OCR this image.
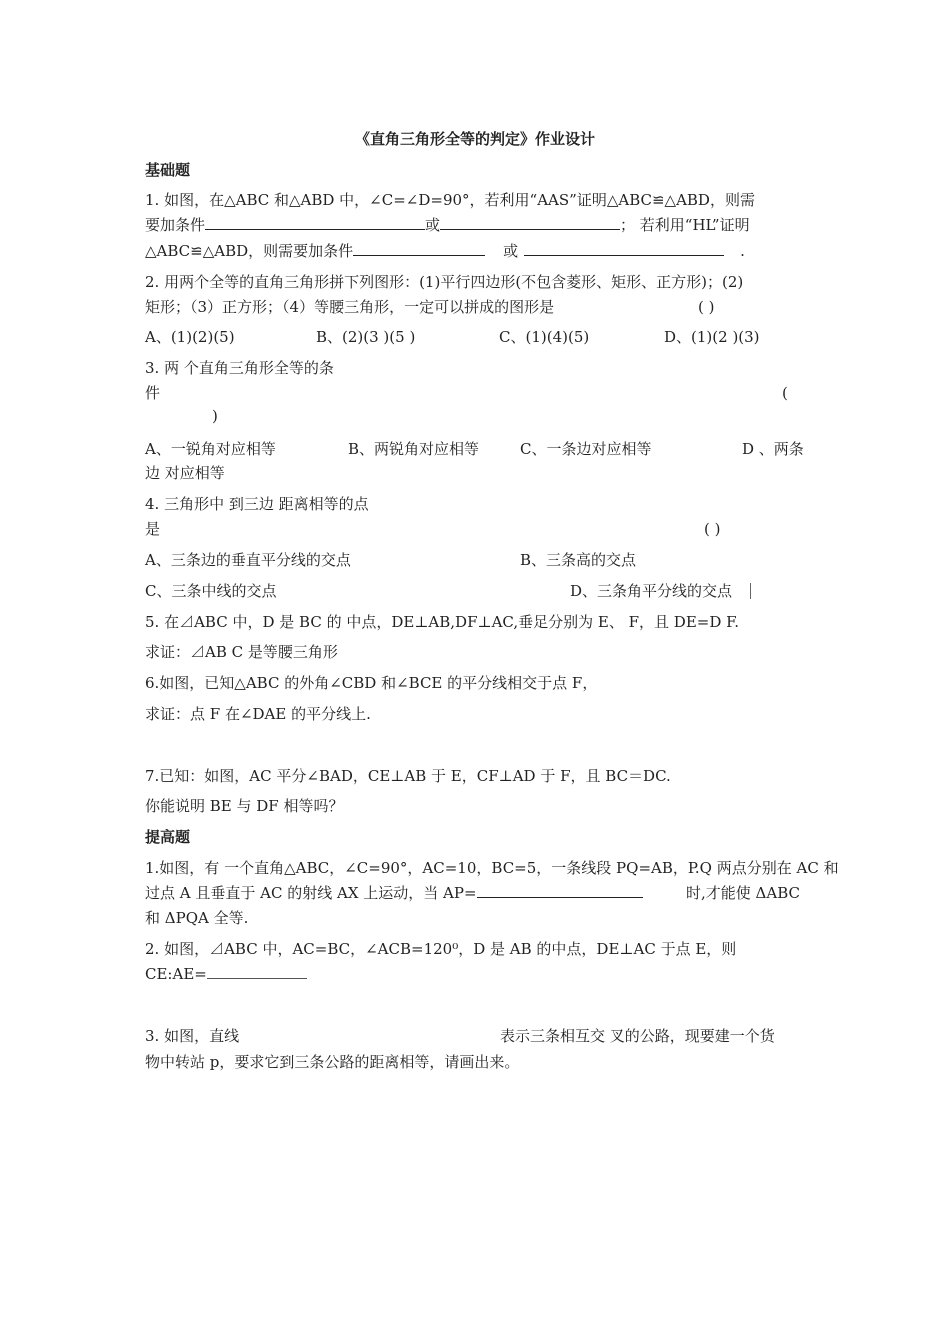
《直角三角形全等的判定》作业设计
基础题
1. 如图，在△ABC 和△ABD 中，∠C=∠D=90°，若利用“AAS”证明△ABC≌△ABD，则需
要加条件	或	； 若利用“HL”证明
△ABC≌△ABD，则需要加条件	或	.
2. 用两个全等的直角三角形拼下列图形：(1)平行四边形(不包含菱形、矩形、正方形)；(2)
矩形；（3）正方形；（4）等腰三角形，一定可以拼成的图形是	( )
A、(1)(2)(5)	B、(2)(3 )(5 )	C、(1)(4)(5)	D、(1)(2 )(3)
3. 两 个直角三角形全等的条
件	(
)
A、一锐角对应相等	B、两锐角对应相等	C、一条边对应相等	D 、两条
边 对应相等
4. 三角形中 到三边 距离相等的点
是	( )
A、三条边的垂直平分线的交点	B、三条高的交点
C、三条中线的交点	D、三条角平分线的交点
5. 在⊿ABC 中，D 是 BC 的 中点，DE⊥AB,DF⊥AC,垂足分别为 E、 F，且 DE=D F.
求证：⊿AB C 是等腰三角形
6.如图，已知△ABC 的外角∠CBD 和∠BCE 的平分线相交于点 F，
求证：点 F 在∠DAE 的平分线上.
7.已知：如图，AC 平分∠BAD，CE⊥AB 于 E，CF⊥AD 于 F，且 BC＝DC.
你能说明 BE 与 DF 相等吗？
提高题
1.如图，有 一个直角△ABC，∠C=90°，AC=10，BC=5，一条线段 PQ=AB，P.Q 两点分别在 AC 和
过点 A 且垂直于 AC 的射线 AX 上运动，当 AP=	时,才能使 ΔABC
和 ΔPQA 全等.
2. 如图，⊿ABC 中，AC=BC，∠ACB=120⁰，D 是 AB 的中点，DE⊥AC 于点 E，则
CE:AE=
3. 如图，直线	表示三条相互交 叉的公路，现要建一个货
物中转站 p，要求它到三条公路的距离相等，请画出来。
